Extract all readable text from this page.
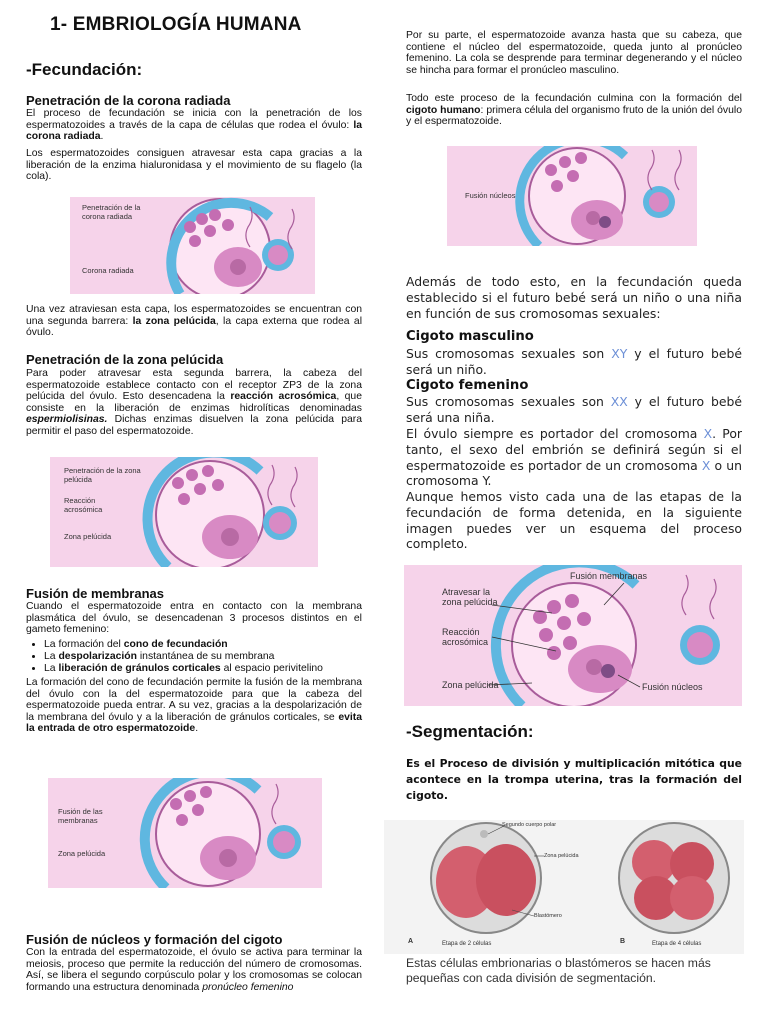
1- EMBRIOLOGÍA HUMANA
-Fecundación:
Penetración de la corona radiada

El proceso de fecundación se inicia con la penetración de los espermatozoides a través de la capa de células que rodea el óvulo: la corona radiada.

Los espermatozoides consiguen atravesar esta capa gracias a la liberación de la enzima hialuronidasa y el movimiento de su flagelo (la cola).

Penetración de la corona radiada
Corona radiada

Una vez atraviesan esta capa, los espermatozoides se encuentran con una segunda barrera: la zona pelúcida, la capa externa que rodea al óvulo.

Penetración de la zona pelúcida

Para poder atravesar esta segunda barrera, la cabeza del espermatozoide establece contacto con el receptor ZP3 de la zona pelúcida del óvulo. Esto desencadena la reacción acrosómica, que consiste en la liberación de enzimas hidrolíticas denominadas espermiolisinas. Dichas enzimas disuelven la zona pelúcida para permitir el paso del espermatozoide.

Penetración de la zona pelúcida
Reacción acrosómica
Zona pelúcida
Fusión de membranas

Cuando el espermatozoide entra en contacto con la membrana plasmática del óvulo, se desencadenan 3 procesos distintos en el gameto femenino:

• La formación del cono de fecundación
• La despolarización instantánea de su membrana
• La liberación de gránulos corticales al espacio perivitelino

La formación del cono de fecundación permite la fusión de la membrana del óvulo con la del espermatozoide para que la cabeza del espermatozoide pueda entrar. A su vez, gracias a la despolarización de la membrana del óvulo y a la liberación de gránulos corticales, se evita la entrada de otro espermatozoide.

Fusión de las membranas
Zona pelúcida
Fusión de núcleos y formación del cigoto

Con la entrada del espermatozoide, el óvulo se activa para terminar la meiosis, proceso que permite la reducción del número de cromosomas. Así, se libera el segundo corpúsculo polar y los cromosomas se colocan formando una estructura denominada pronúcleo femenino

Por su parte, el espermatozoide avanza hasta que su cabeza, que contiene el núcleo del espermatozoide, queda junto al pronúcleo femenino. La cola se desprende para terminar degenerando y el núcleo se hincha para formar el pronúcleo masculino.

Todo este proceso de la fecundación culmina con la formación del cigoto humano: primera célula del organismo fruto de la unión del óvulo y el espermatozoide.

Fusión núcleos

Además de todo esto, en la fecundación queda establecido si el futuro bebé será un niño o una niña en función de sus cromosomas sexuales:

Cigoto masculino

Sus cromosomas sexuales son XY y el futuro bebé será un niño.

Cigoto femenino

Sus cromosomas sexuales son XX y el futuro bebé será una niña.

El óvulo siempre es portador del cromosoma X. Por tanto, el sexo del embrión se definirá según si el espermatozoide es portador de un cromosoma X o un cromosoma Y.

Aunque hemos visto cada una de las etapas de la fecundación de forma detenida, en la siguiente imagen puedes ver un esquema del proceso completo.

Fusión membranas
Atravesar la zona pelúcida
Reacción acrosómica
Zona pelúcida	Fusión núcleos
-Segmentación:

Es el Proceso de división y multiplicación mitótica que acontece en la trompa uterina, tras la formación del cigoto.

Segundo cuerpo polar
Zona pelúcida
Blastómero
A	Etapa de 2 células	B	Etapa de 4 células

Estas células embrionarias o blastómeros se hacen más pequeñas con cada división de segmentación.
